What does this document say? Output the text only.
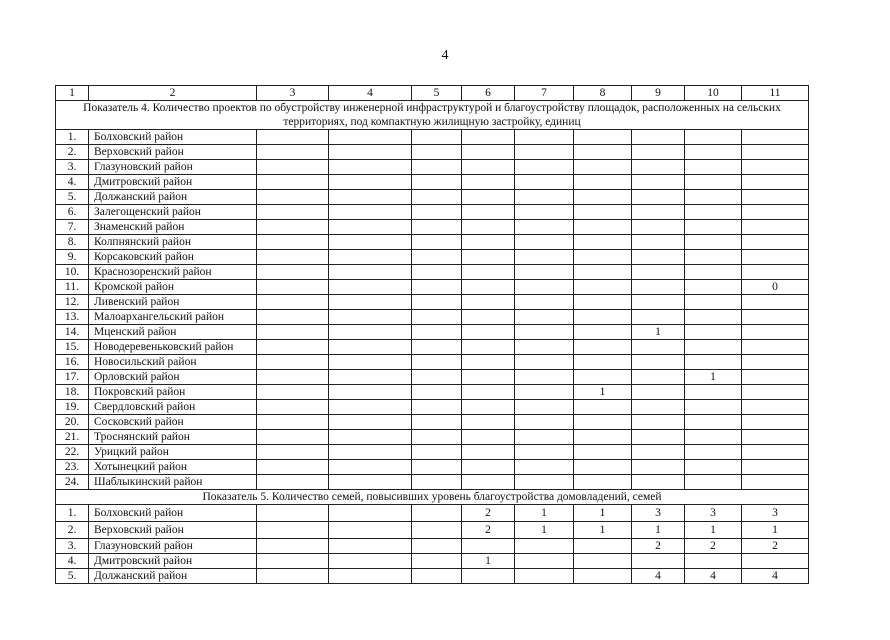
4
1	2	3	4	5	6	7	8	9	10	11
Показатель 4. Количество проектов по обустройству инженерной инфраструктурой и благоустройству площадок, расположенных на сельских территориях, под компактную жилищную застройку, единиц										
1.	Болховский район									
2.	Верховский район									
3.	Глазуновский район									
4.	Дмитровский район									
5.	Должанский район									
6.	Залегощенский район									
7.	Знаменский район									
8.	Колпнянский район									
9.	Корсаковский район									
10.	Краснозоренский район									
11.	Кромской район									0
12.	Ливенский район									
13.	Малоархангельский район									
14.	Мценский район							1		
15.	Новодеревеньковский район									
16.	Новосильский район									
17.	Орловский район								1	
18.	Покровский район						1			
19.	Свердловский район									
20.	Сосковский район									
21.	Троснянский район									
22.	Урицкий район									
23.	Хотынецкий район									
24.	Шаблыкинский район									
Показатель 5. Количество семей, повысивших уровень благоустройства домовладений, семей										
1.	Болховский район				2	1	1	3	3	3
2.	Верховский район				2	1	1	1	1	1
3.	Глазуновский район							2	2	2
4.	Дмитровский район				1					
5.	Должанский район							4	4	4
